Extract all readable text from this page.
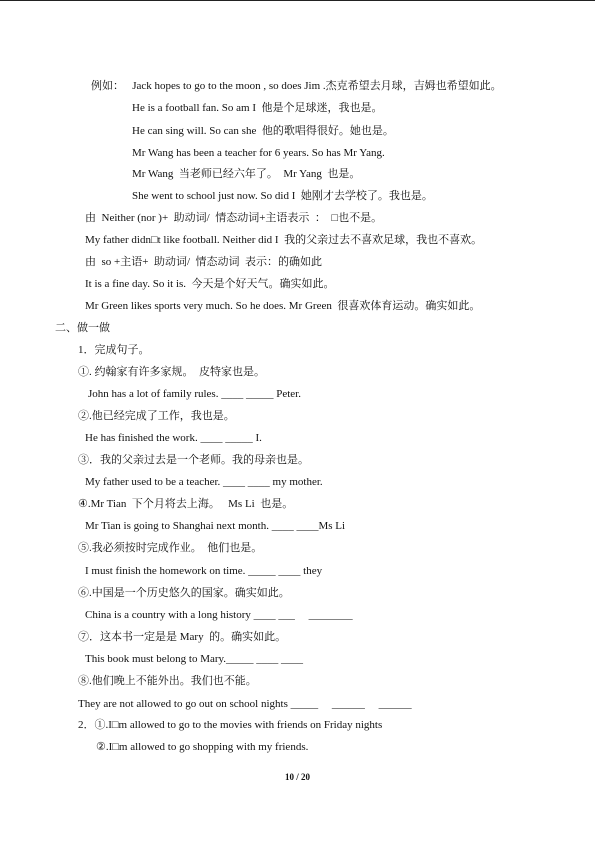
例如：   Jack hopes to go to the moon , so does Jim .杰克希望去月球，吉姆也希望如此。
He is a football fan. So am I  他是个足球迷，我也是。
He can sing will. So can she  他的歌唱得很好。她也是。
Mr Wang has been a teacher for 6 years. So has Mr Yang.
Mr Wang  当老师已经六年了。  Mr Yang  也是。
She went to school just now. So did I  她刚才去学校了。我也是。
由  Neither (nor )+  助动词/  情态动词+主语表示  ：  □也不是。
My father didn□t like football. Neither did I  我的父亲过去不喜欢足球，我也不喜欢。
由  so +主语+  助动词/  情态动词  表示：的确如此
It is a fine day. So it is.  今天是个好天气。确实如此。
Mr Green likes sports very much. So he does. Mr Green  很喜欢体育运动。确实如此。
二、做一做
1．完成句子。
①. 约翰家有许多家规。  皮特家也是。
John has a lot of family rules. ____ _____ Peter.
②.他已经完成了工作，我也是。
He has finished the work. ____ _____ I.
③．我的父亲过去是一个老师。我的母亲也是。
My father used to be a teacher. ____ ____ my mother.
④.Mr Tian  下个月将去上海。   Ms Li  也是。
Mr Tian is going to Shanghai next month. ____ ____Ms Li
⑤.我必须按时完成作业。  他们也是。
I must finish the homework on time. _____ ____ they
⑥.中国是一个历史悠久的国家。确实如此。
China is a country with a long history ____ ___     ________
⑦．这本书一定是是 Mary  的。确实如此。
This book must belong to Mary._____ ____ ____
⑧.他们晚上不能外出。我们也不能。
They are not allowed to go out on school nights _____     ______     ______
2．①.I□m allowed to go to the movies with friends on Friday nights
②.I□m allowed to go shopping with my friends.
10 / 20
